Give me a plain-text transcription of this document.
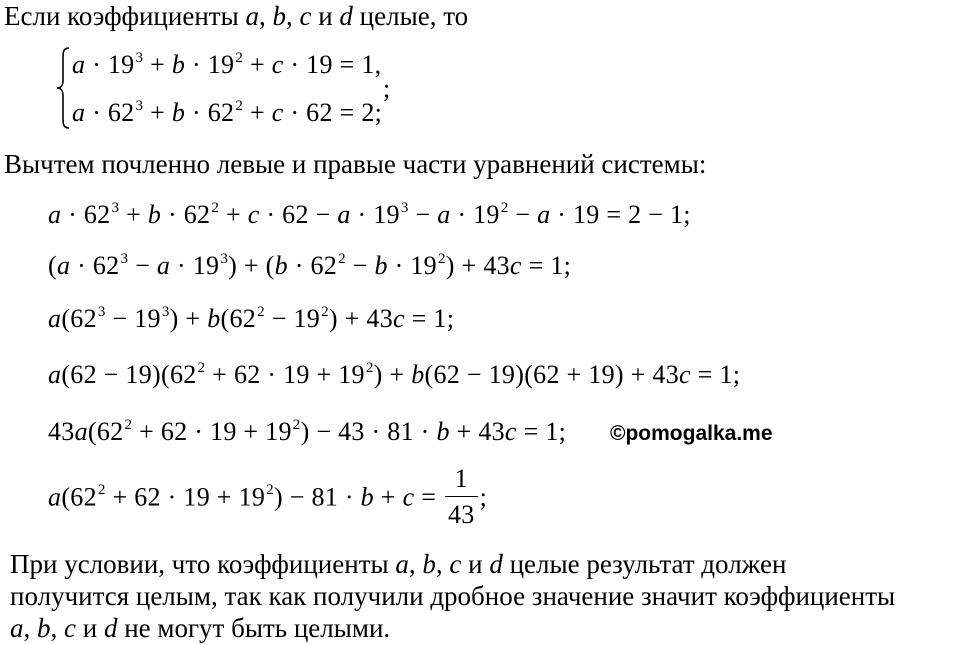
Если коэффициенты a, b, c и d целые, то
$a \cdot 19^3 + b \cdot 19^2 + c \cdot 19 = 1$,
$a \cdot 62^3 + b \cdot 62^2 + c \cdot 62 = 2$;
;
Вычтем почленно левые и правые части уравнений системы:
$a \cdot 62^3 + b \cdot 62^2 + c \cdot 62 - a \cdot 19^3 - a \cdot 19^2 - a \cdot 19 = 2 - 1$;
$(a \cdot 62^3 - a \cdot 19^3) + (b \cdot 62^2 - b \cdot 19^2) + 43c = 1$;
$a(62^3 - 19^3) + b(62^2 - 19^2) + 43c = 1$;
$a(62 - 19)(62^2 + 62 \cdot 19 + 19^2) + b(62 - 19)(62 + 19) + 43c = 1$;
$43a(62^2 + 62 \cdot 19 + 19^2) - 43 \cdot 81 \cdot b + 43c = 1$; ©pomogalka.me
$a(62^2 + 62 \cdot 19 + 19^2) - 81 \cdot b + c = \frac{1}{43}$ ;
При условии, что коэффициенты a, b, c и d целые результат должен
получится целым, так как получили дробное значение значит коэффициенты
a, b, c и d не могут быть целыми.
